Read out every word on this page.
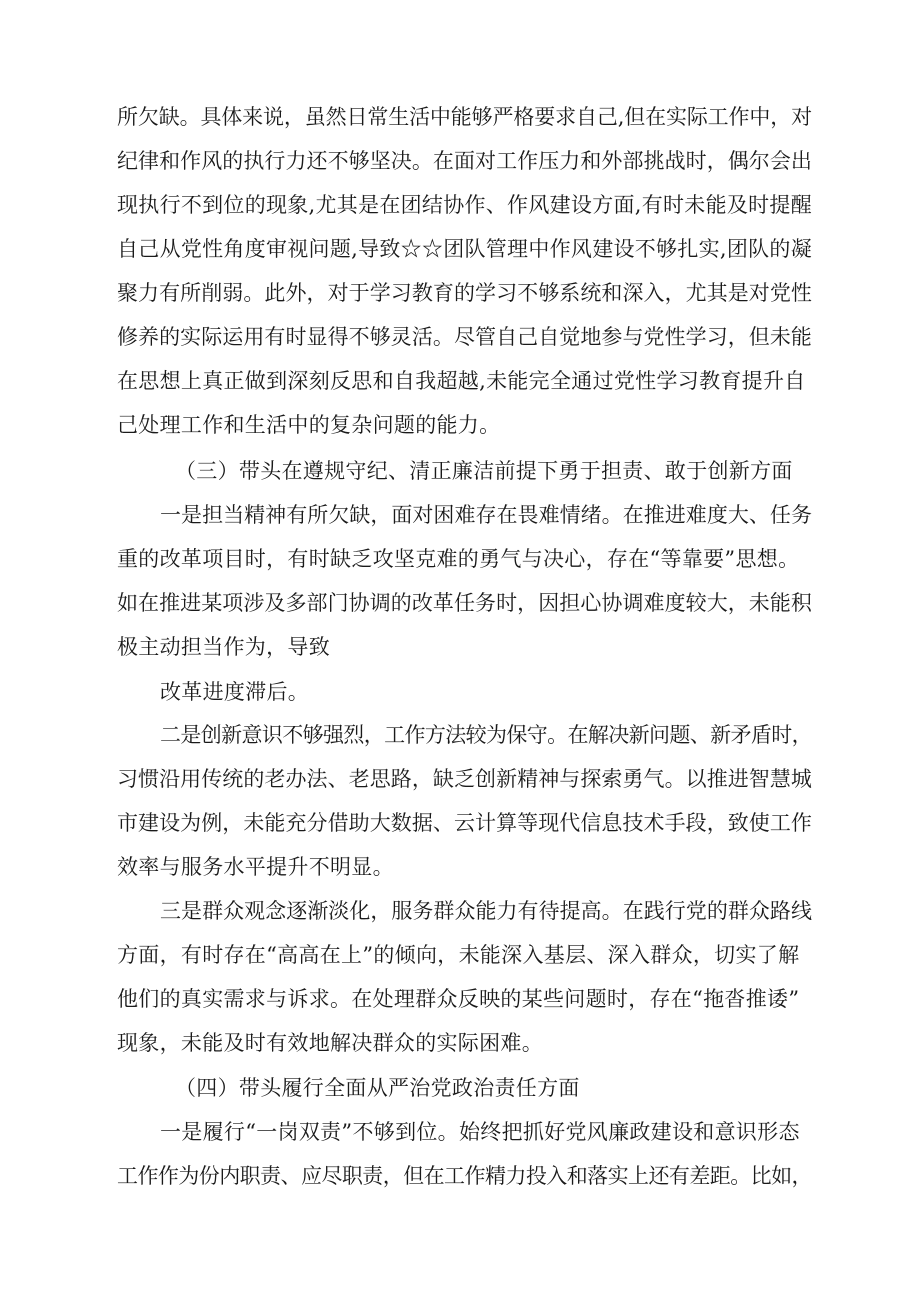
所欠缺。具体来说，虽然日常生活中能够严格要求自己,但在实际工作中，对
纪律和作风的执行力还不够坚决。在面对工作压力和外部挑战时，偶尔会出
现执行不到位的现象,尤其是在团结协作、作风建设方面,有时未能及时提醒
自己从党性角度审视问题,导致☆☆团队管理中作风建设不够扎实,团队的凝
聚力有所削弱。此外，对于学习教育的学习不够系统和深入，尤其是对党性
修养的实际运用有时显得不够灵活。尽管自己自觉地参与党性学习，但未能
在思想上真正做到深刻反思和自我超越,未能完全通过党性学习教育提升自
己处理工作和生活中的复杂问题的能力。
（三）带头在遵规守纪、清正廉洁前提下勇于担责、敢于创新方面
一是担当精神有所欠缺，面对困难存在畏难情绪。在推进难度大、任务
重的改革项目时，有时缺乏攻坚克难的勇气与决心，存在“等靠要”思想。
如在推进某项涉及多部门协调的改革任务时，因担心协调难度较大，未能积
极主动担当作为，导致
改革进度滞后。
二是创新意识不够强烈，工作方法较为保守。在解决新问题、新矛盾时，
习惯沿用传统的老办法、老思路，缺乏创新精神与探索勇气。以推进智慧城
市建设为例，未能充分借助大数据、云计算等现代信息技术手段，致使工作
效率与服务水平提升不明显。
三是群众观念逐渐淡化，服务群众能力有待提高。在践行党的群众路线
方面，有时存在“高高在上”的倾向，未能深入基层、深入群众，切实了解
他们的真实需求与诉求。在处理群众反映的某些问题时，存在“拖沓推诿”
现象，未能及时有效地解决群众的实际困难。
（四）带头履行全面从严治党政治责任方面
一是履行“一岗双责”不够到位。始终把抓好党风廉政建设和意识形态
工作作为份内职责、应尽职责，但在工作精力投入和落实上还有差距。比如，
